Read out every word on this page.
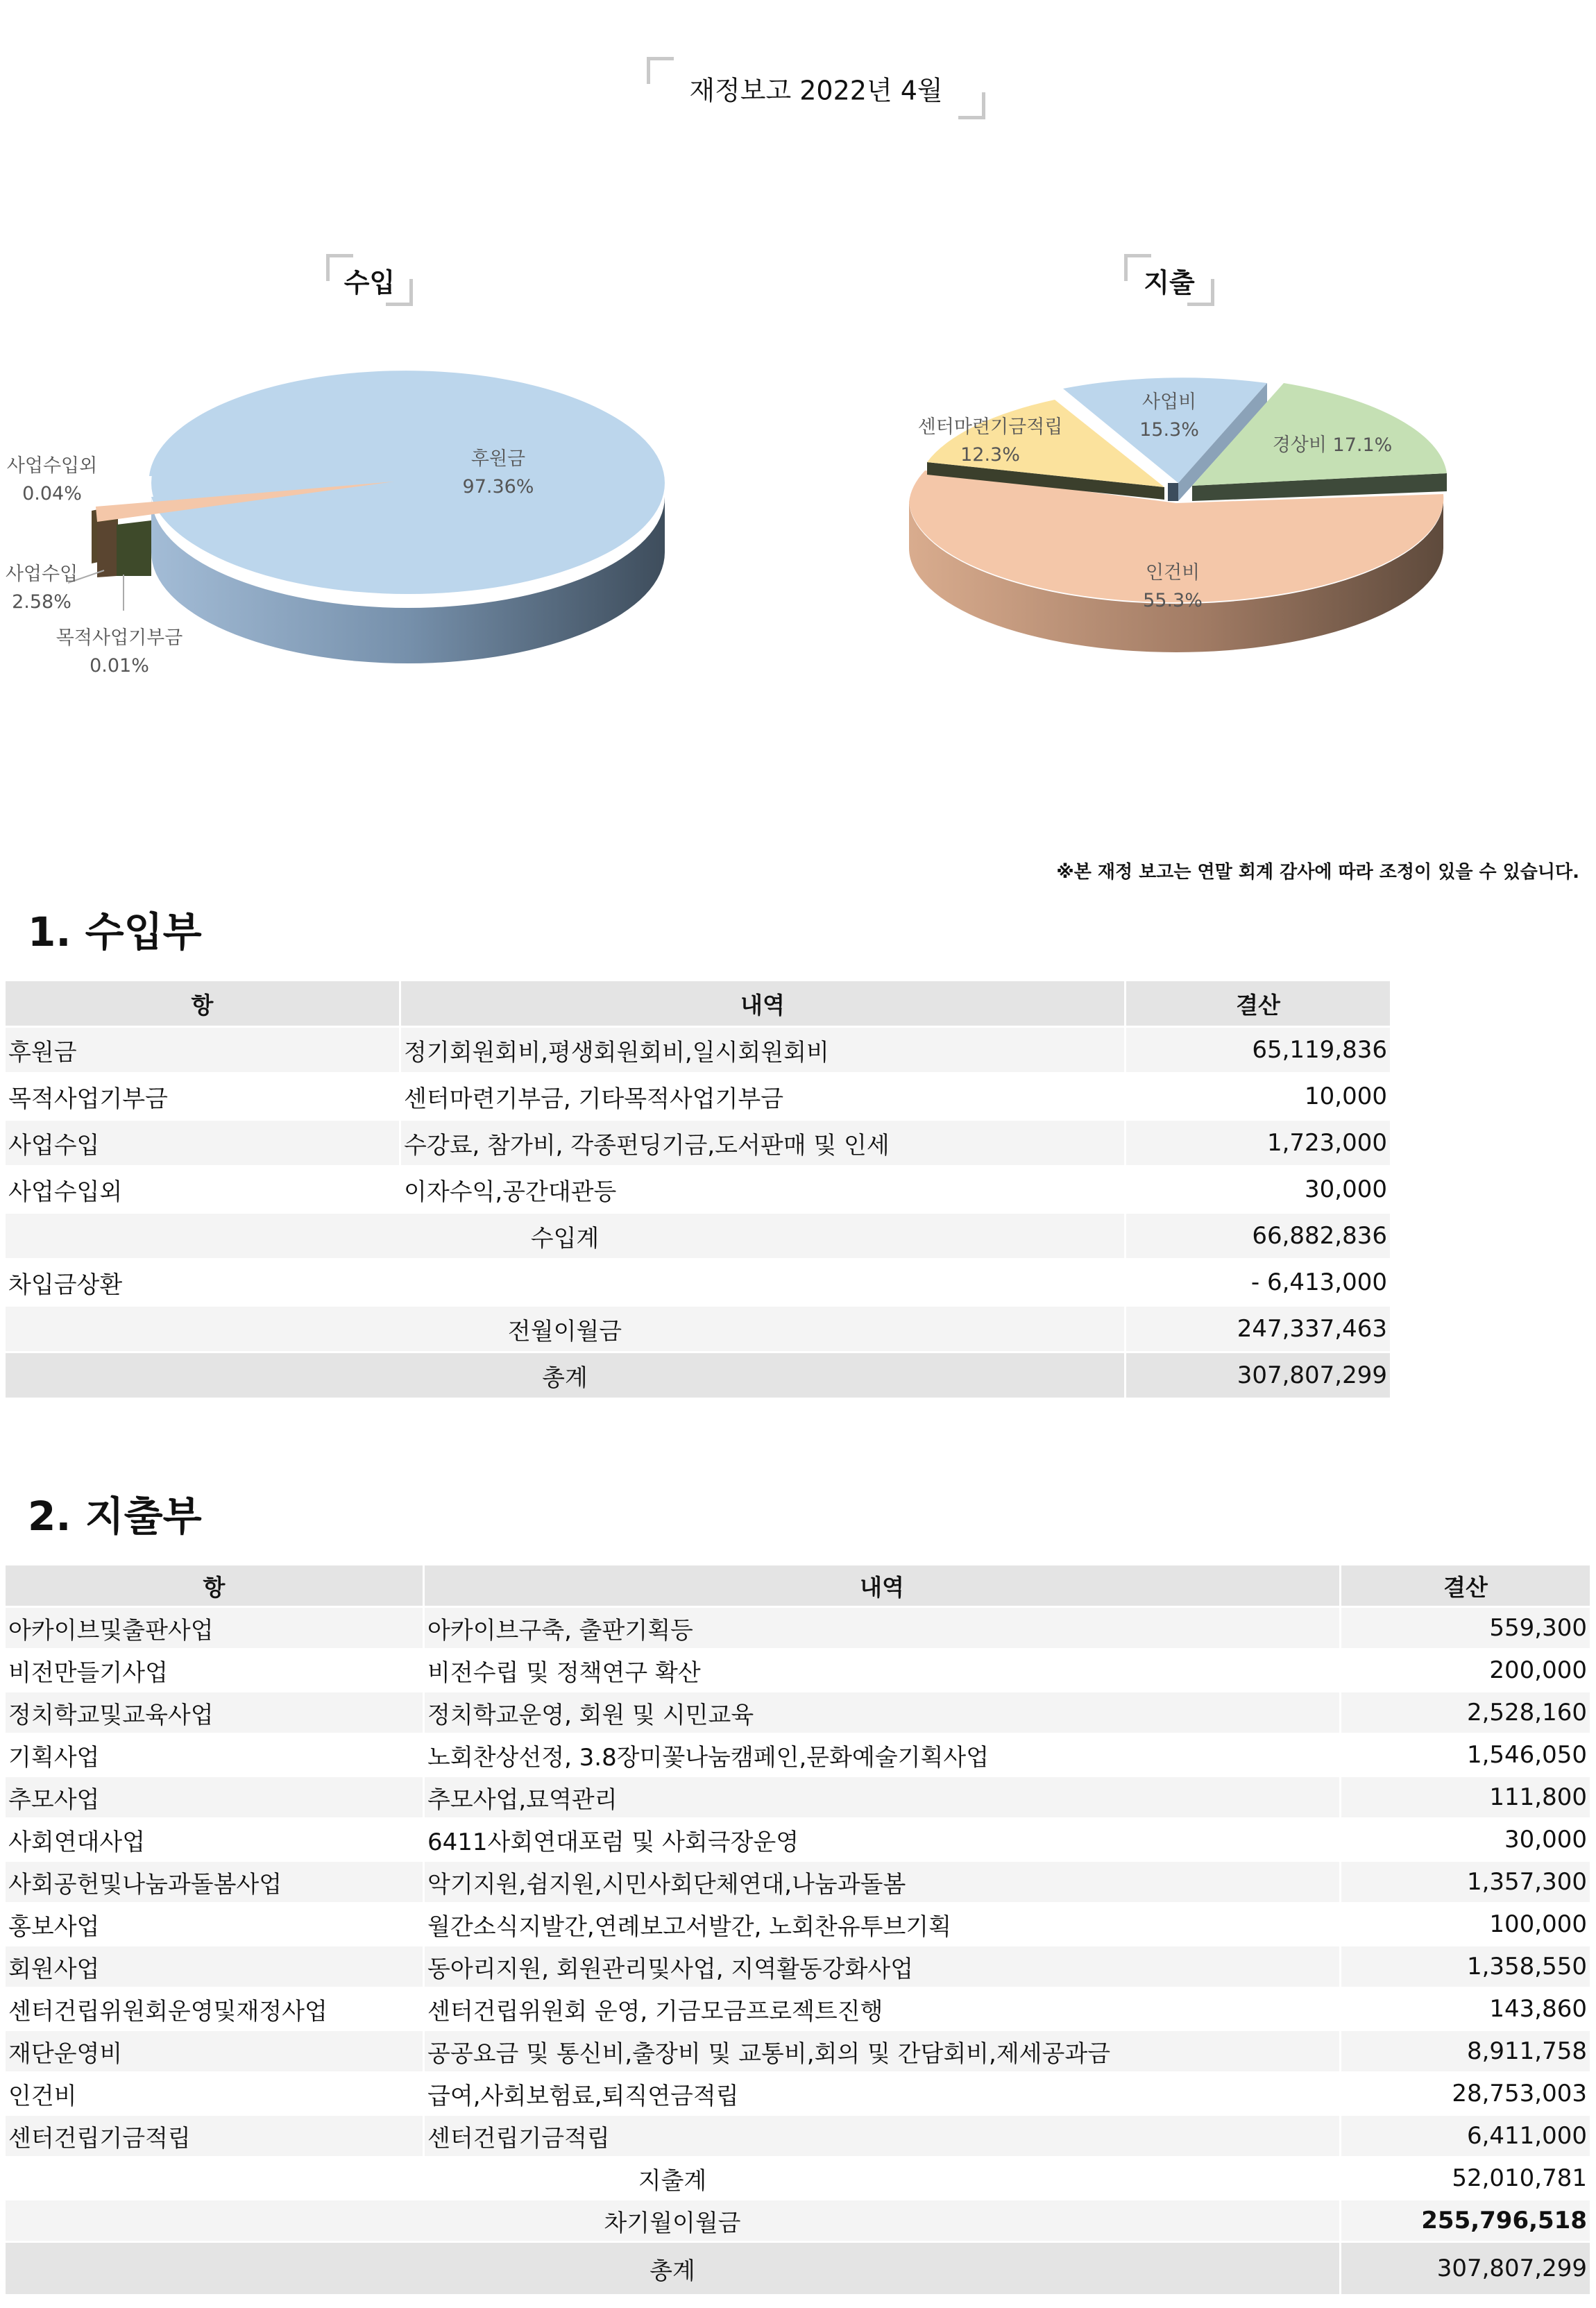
재정보고 2022년 4월
수입	지출
후원금
97.36%
사업수입외
0.04%
사업수입
2.58%
목적사업기부금
0.01%
사업비
15.3%
경상비 17.1%
센터마련기금적립
12.3%
인건비
55.3%
※본 재정 보고는 연말 회계 감사에 따라 조정이 있을 수 있습니다.
1. 수입부
항	내역	결산
후원금	정기회원회비,평생회원회비,일시회원회비	65,119,836
목적사업기부금	센터마련기부금, 기타목적사업기부금	10,000
사업수입	수강료, 참가비, 각종펀딩기금,도서판매 및 인세	1,723,000
사업수입외	이자수익,공간대관등	30,000
수입계		66,882,836
차입금상환		- 6,413,000
전월이월금		247,337,463
총계		307,807,299
2. 지출부
항	내역	결산
아카이브및출판사업	아카이브구축, 출판기획등	559,300
비전만들기사업	비전수립 및 정책연구 확산	200,000
정치학교및교육사업	정치학교운영, 회원 및 시민교육	2,528,160
기획사업	노회찬상선정, 3.8장미꽃나눔캠페인,문화예술기획사업	1,546,050
추모사업	추모사업,묘역관리	111,800
사회연대사업	6411사회연대포럼 및 사회극장운영	30,000
사회공헌및나눔과돌봄사업	악기지원,쉼지원,시민사회단체연대,나눔과돌봄	1,357,300
홍보사업	월간소식지발간,연례보고서발간, 노회찬유투브기획	100,000
회원사업	동아리지원, 회원관리및사업, 지역활동강화사업	1,358,550
센터건립위원회운영및재정사업	센터건립위원회 운영, 기금모금프로젝트진행	143,860
재단운영비	공공요금 및 통신비,출장비 및 교통비,회의 및 간담회비,제세공과금	8,911,758
인건비	급여,사회보험료,퇴직연금적립	28,753,003
센터건립기금적립	센터건립기금적립	6,411,000
지출계		52,010,781
차기월이월금		255,796,518
총계		307,807,299
